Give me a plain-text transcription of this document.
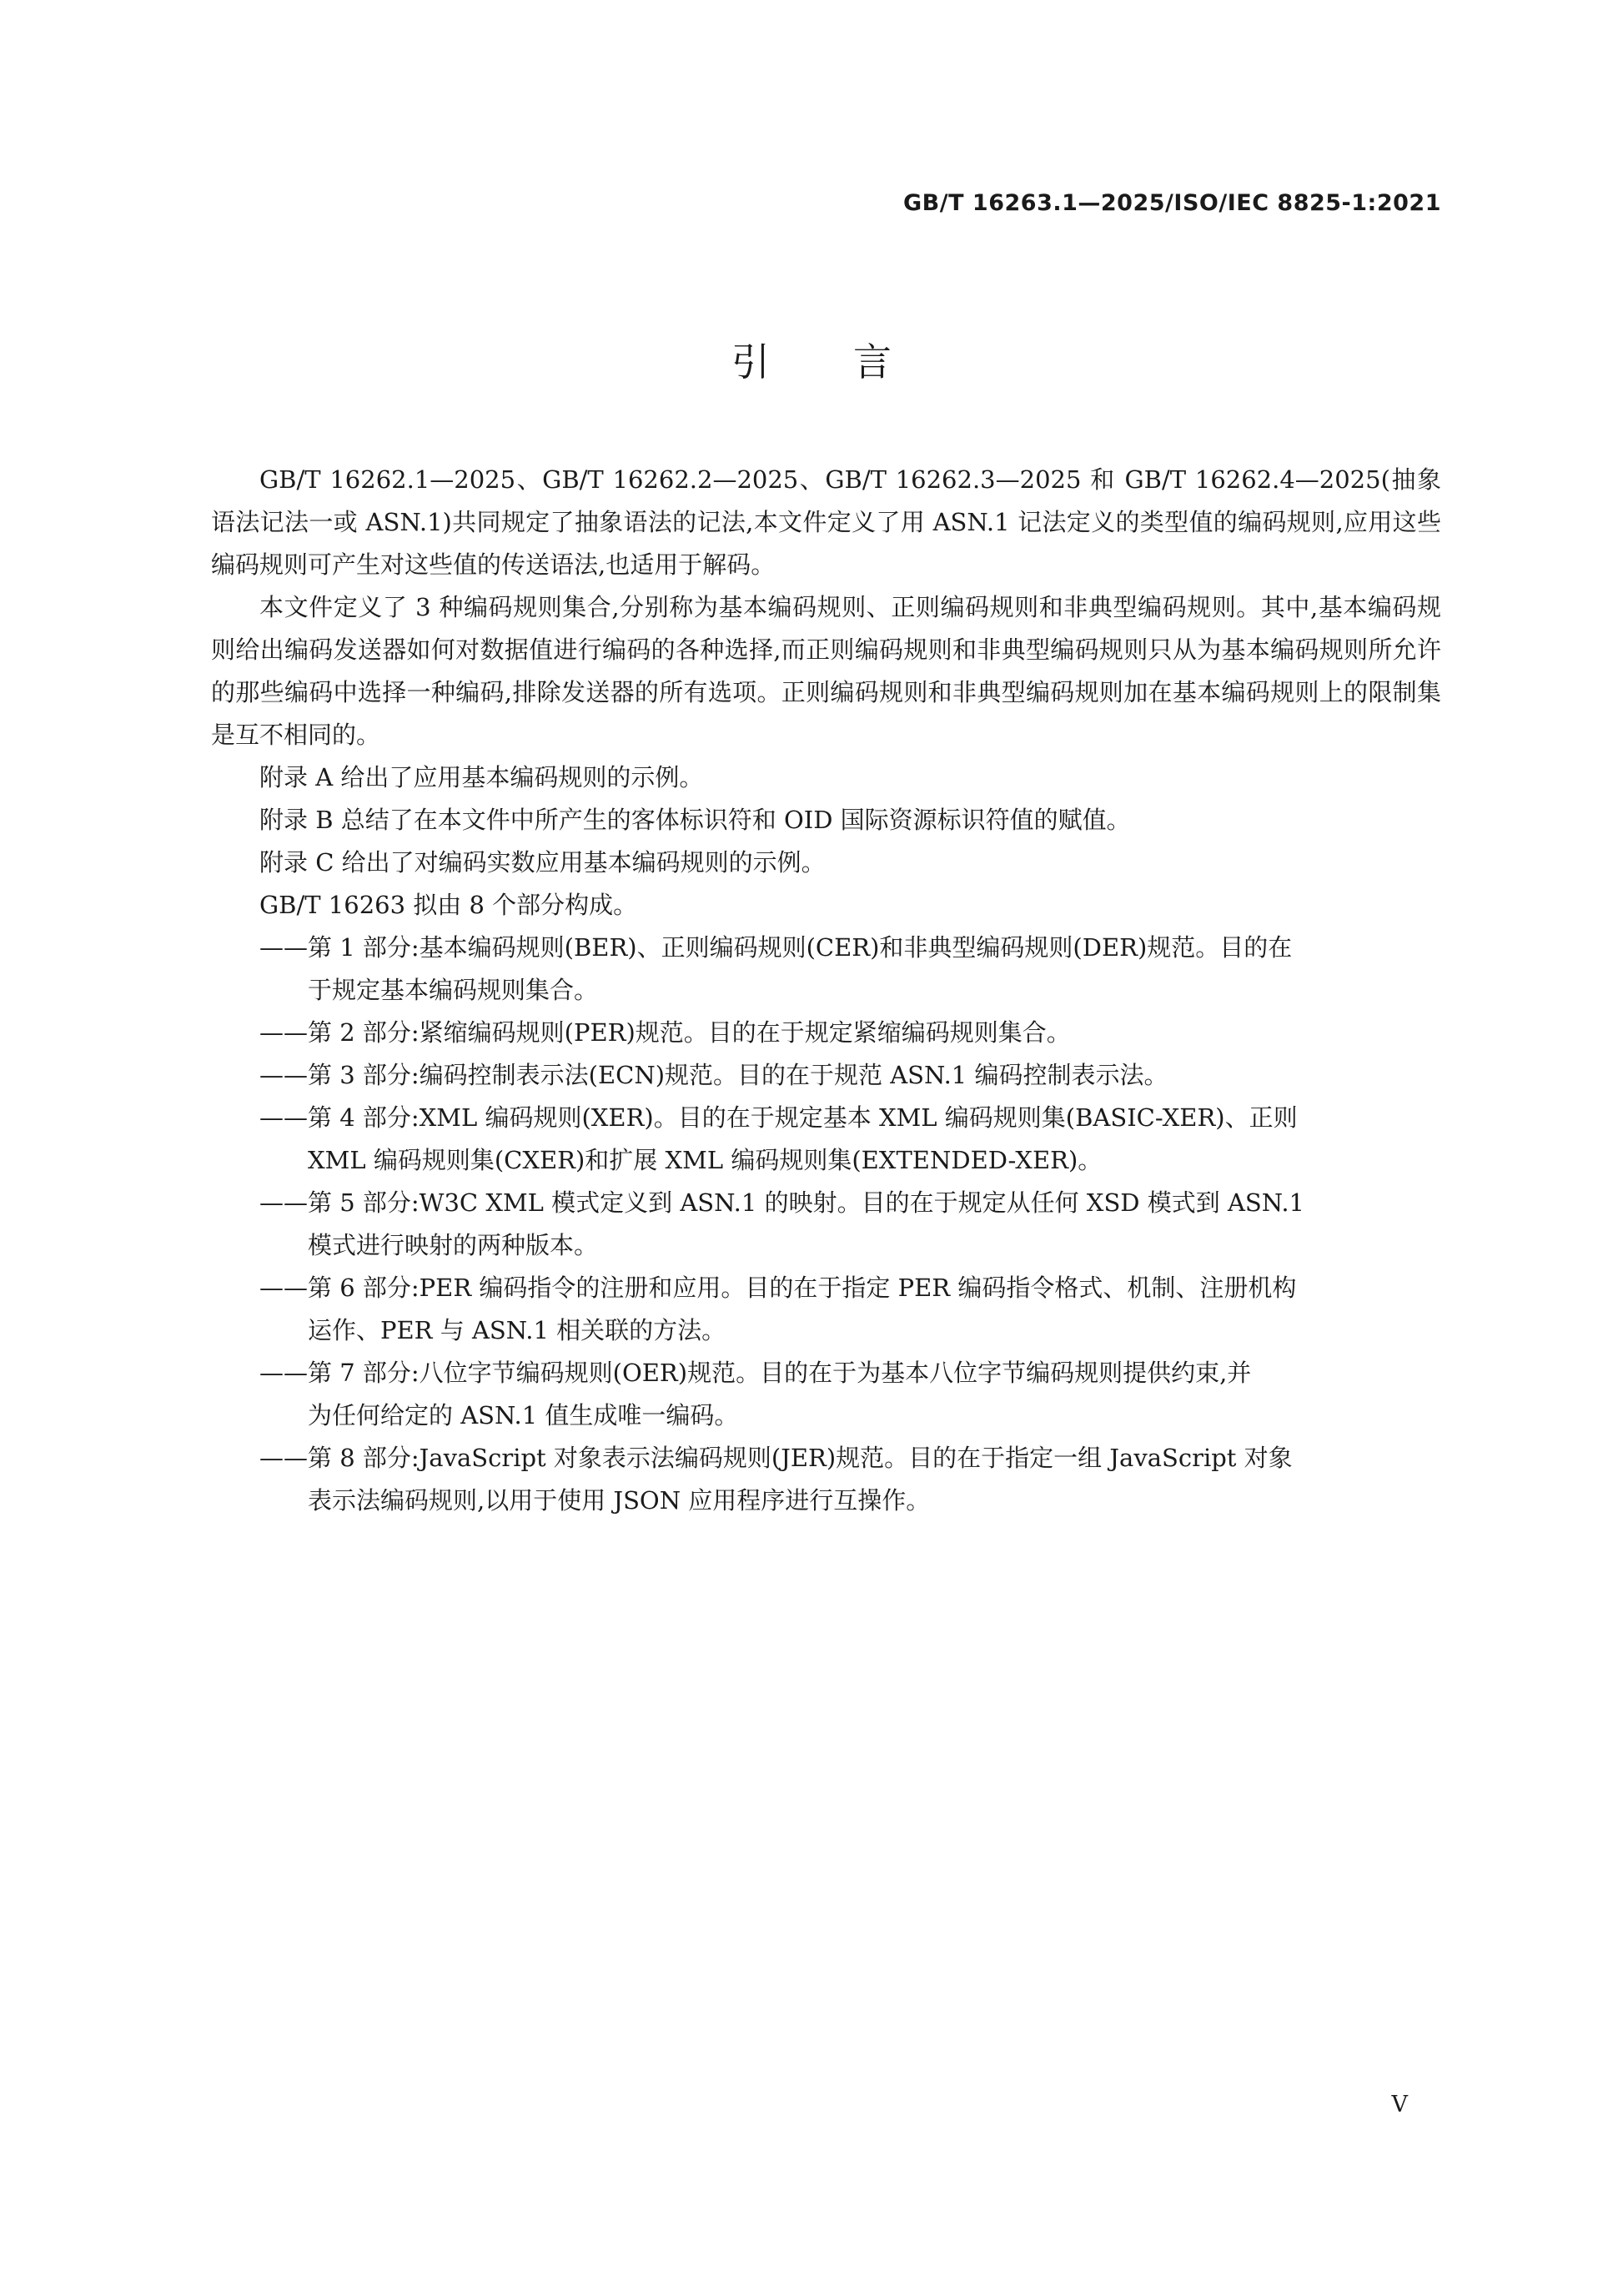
GB/T 16263.1—2025/ISO/IEC 8825-1:2021
引言

GB/T 16262.1—2025、GB/T 16262.2—2025、GB/T 16262.3—2025 和 GB/T 16262.4—2025(抽象语法记法一或 ASN.1)共同规定了抽象语法的记法,本文件定义了用 ASN.1 记法定义的类型值的编码规则,应用这些编码规则可产生对这些值的传送语法,也适用于解码。

本文件定义了 3 种编码规则集合,分别称为基本编码规则、正则编码规则和非典型编码规则。其中,基本编码规则给出编码发送器如何对数据值进行编码的各种选择,而正则编码规则和非典型编码规则只从为基本编码规则所允许的那些编码中选择一种编码,排除发送器的所有选项。正则编码规则和非典型编码规则加在基本编码规则上的限制集是互不相同的。

附录 A 给出了应用基本编码规则的示例。

附录 B 总结了在本文件中所产生的客体标识符和 OID 国际资源标识符值的赋值。

附录 C 给出了对编码实数应用基本编码规则的示例。

GB/T 16263 拟由 8 个部分构成。

——第 1 部分:基本编码规则(BER)、正则编码规则(CER)和非典型编码规则(DER)规范。目的在
于规定基本编码规则集合。
——第 2 部分:紧缩编码规则(PER)规范。目的在于规定紧缩编码规则集合。
——第 3 部分:编码控制表示法(ECN)规范。目的在于规范 ASN.1 编码控制表示法。
——第 4 部分:XML 编码规则(XER)。目的在于规定基本 XML 编码规则集(BASIC-XER)、正则
XML 编码规则集(CXER)和扩展 XML 编码规则集(EXTENDED-XER)。
——第 5 部分:W3C XML 模式定义到 ASN.1 的映射。目的在于规定从任何 XSD 模式到 ASN.1
模式进行映射的两种版本。
——第 6 部分:PER 编码指令的注册和应用。目的在于指定 PER 编码指令格式、机制、注册机构
运作、PER 与 ASN.1 相关联的方法。
——第 7 部分:八位字节编码规则(OER)规范。目的在于为基本八位字节编码规则提供约束,并
为任何给定的 ASN.1 值生成唯一编码。
——第 8 部分:JavaScript 对象表示法编码规则(JER)规范。目的在于指定一组 JavaScript 对象
表示法编码规则,以用于使用 JSON 应用程序进行互操作。
V
